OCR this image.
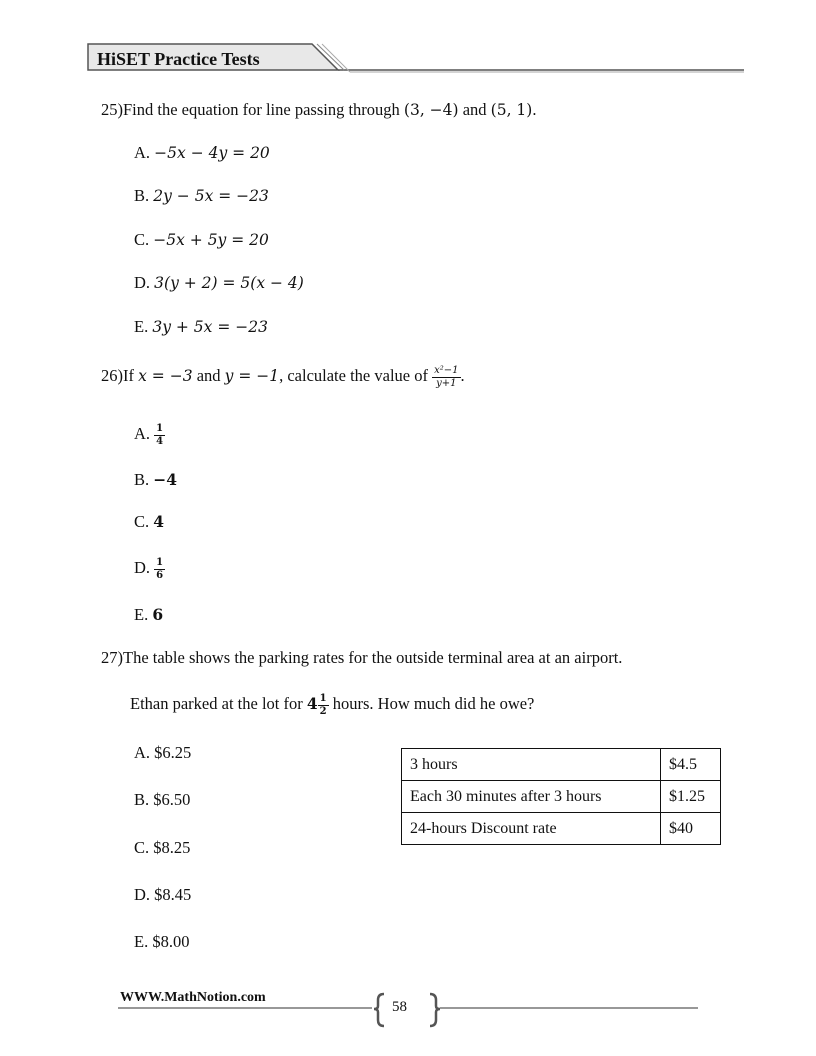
HiSET Practice Tests
25)Find the equation for line passing through (3, −4) and (5, 1).
A. −5x − 4y = 20
B. 2y − 5x = −23
C. −5x + 5y = 20
D. 3(y + 2) = 5(x − 4)
E. 3y + 5x = −23
26)If x = −3 and y = −1, calculate the value of $\frac{\text{x²−1}}{y+1}$ .
A. $\frac{1}{4}$
B. −4
C. 4
D. $\frac{1}{6}$
E. 6
27)The table shows the parking rates for the outside terminal area at an airport.
Ethan parked at the lot for $4 \frac{1}{2}$ hours. How much did he owe?
A. $6.25
B. $6.50
C. $8.25
D. $8.45
E. $8.00
3 hours	$4.5
Each 30 minutes after 3 hours	$1.25
24-hours Discount rate	$40
WWW.MathNotion.com
58
